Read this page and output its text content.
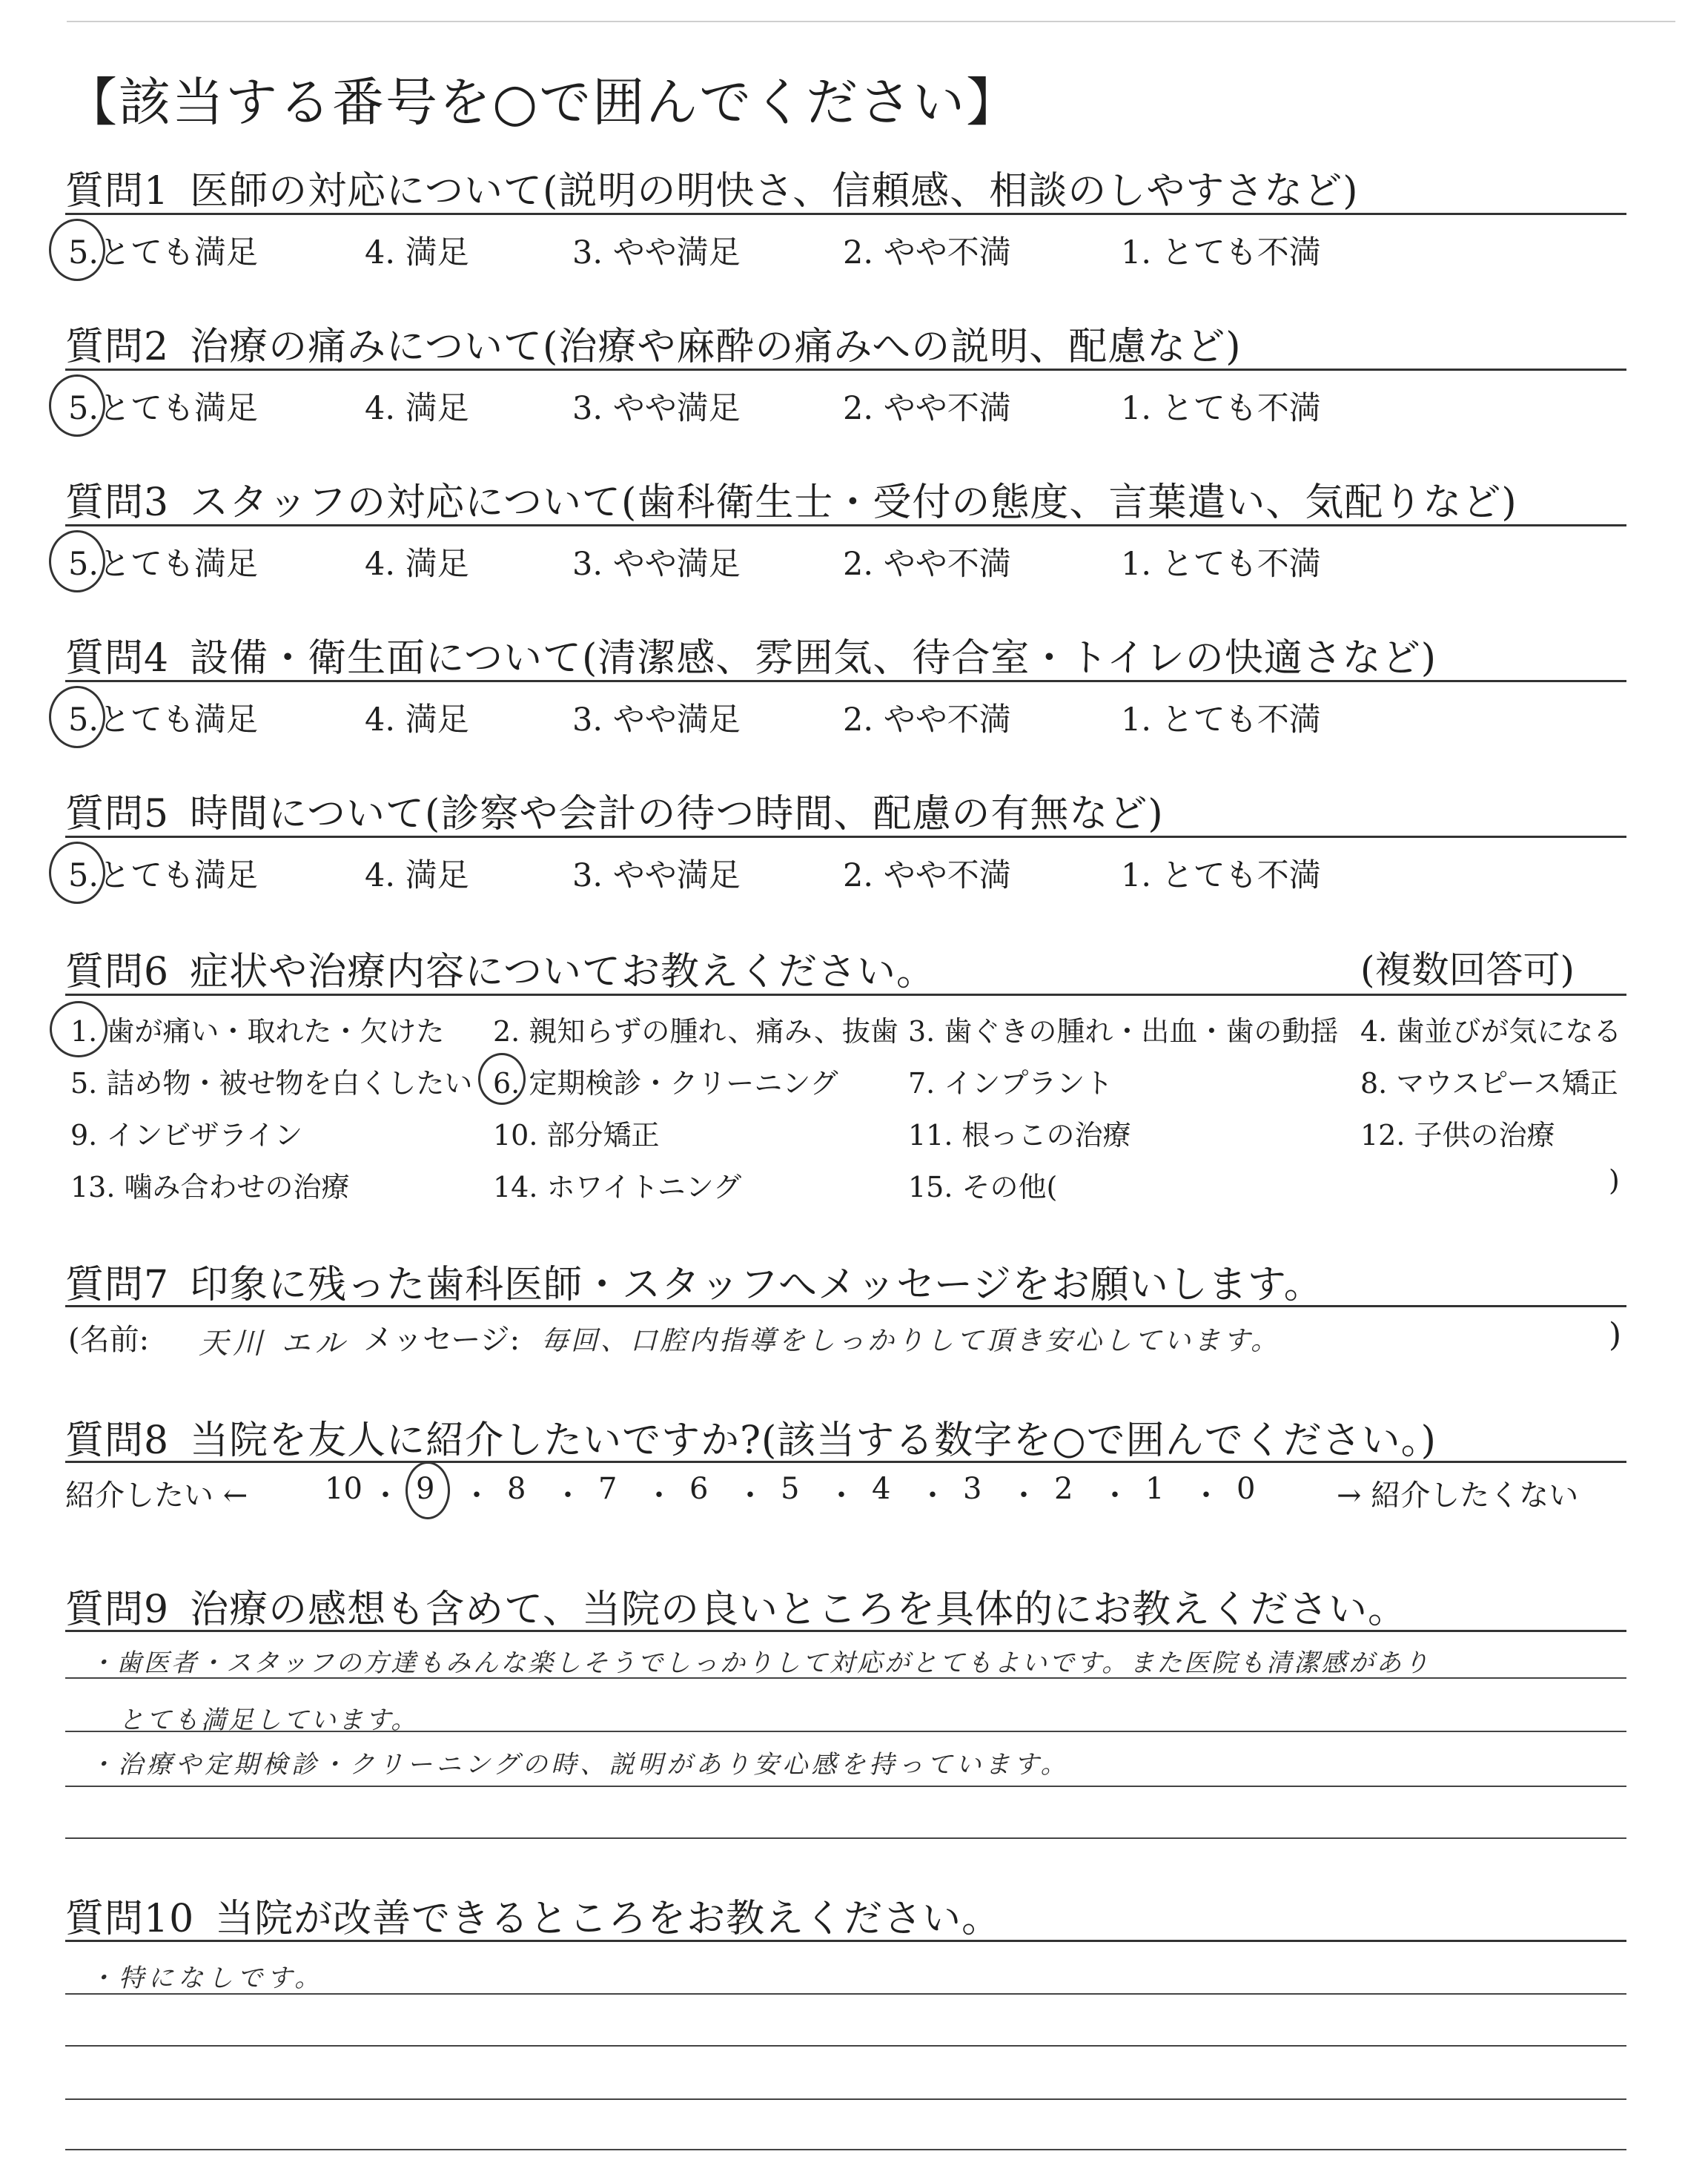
【該当する番号を○で囲んでください】
質問1 医師の対応について(説明の明快さ、信頼感、相談のしやすさなど)
5.とても満足	4. 満足	3. やや満足	2. やや不満	1. とても不満
質問2 治療の痛みについて(治療や麻酔の痛みへの説明、配慮など)
5.とても満足	4. 満足	3. やや満足	2. やや不満	1. とても不満
質問3 スタッフの対応について(歯科衛生士・受付の態度、言葉遣い、気配りなど)
5.とても満足	4. 満足	3. やや満足	2. やや不満	1. とても不満
質問4 設備・衛生面について(清潔感、雰囲気、待合室・トイレの快適さなど)
5.とても満足	4. 満足	3. やや満足	2. やや不満	1. とても不満
質問5 時間について(診察や会計の待つ時間、配慮の有無など)
5.とても満足	4. 満足	3. やや満足	2. やや不満	1. とても不満
質問6 症状や治療内容についてお教えください。	(複数回答可)
1. 歯が痛い・取れた・欠けた 2. 親知らずの腫れ、痛み、抜歯 3. 歯ぐきの腫れ・出血・歯の動揺 4. 歯並びが気になる
5. 詰め物・被せ物を白くしたい 6. 定期検診・クリーニング 7. インプラント	8. マウスピース矯正
9. インビザライン	10. 部分矯正	11. 根っこの治療	12. 子供の治療
13. 噛み合わせの治療	14. ホワイトニング	15. その他(	)
質問7 印象に残った歯科医師・スタッフへメッセージをお願いします。
(名前: 天川 エル メッセージ: 毎回、口腔内指導をしっかりして頂き安心しています。	)
質問8 当院を友人に紹介したいですか?(該当する数字を○で囲んでください。)
紹介したい ←	10 ・ 9 ・ 8 ・ 7 ・ 6 ・ 5 ・ 4 ・ 3 ・ 2 ・ 1 ・ 0	→ 紹介したくない
質問9 治療の感想も含めて、当院の良いところを具体的にお教えください。
・歯医者・スタッフの方達もみんな楽しそうでしっかりして対応がとてもよいです。また医院も清潔感があり
とても満足しています。
・治療や定期検診・クリーニングの時、説明があり安心感を持っています。
質問10 当院が改善できるところをお教えください。
・特になしです。
